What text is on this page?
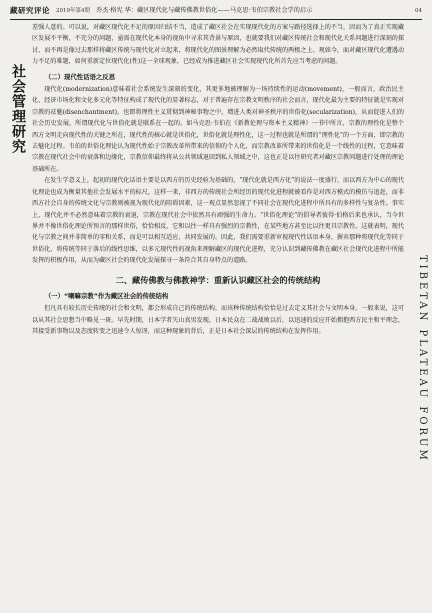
藏研究评论 2019年第4期 乔杰·格宪 华：藏区现代化与藏传佛教世俗化——马克思·韦伯宗教社会学的启示	04
社会管理研究
TIBETAN PLATEAU FORUM

差强人意的。可以说，对藏区现代化不足的原因归结不当，造成了藏区社会在实现现代化的方案与路径选择上的不当，因而为了真正实现藏区发展不平衡，不充分的问题，亟需在现代化本身的视角中寻求其背景与原因，也就要我们对藏区传统社会和现代化关系问题进行深刻的探讨，而不再是像过去那样将藏区传统与现代化对立起来，将现代化的图景理解为必然取代传统的两极之上。观如今，面对藏区现代化遭遇动力不足的难题，如何重新定位现代化(性)这一全球观象，已经成为推进藏区社会实现现代化所首先应当考虑的问题。

（二）现代性话语之反思

现代化(modernization)意味着社会系统发生深刻的变化，其更多地被理解为一场持续性的运动(movement)，一般而言，政治民主化、经济市场化和文化多元化等特征构成了现代化的显著标志，对于普遍存在宗教文明秩序的社会而言，现代化最为主要的特征就是实现对宗教的祛魅(disenchantment)，也即将理性主义贯彻到神秘事物之中，增进人类对神圣秩序的世俗化(secularization)，从而促进人们的社会历史发展，所谓现代化与世俗化就是联系在一起的。如马克思·韦伯在《新教伦理与资本主义精神》一书中所言，宗教的理性化是整个西方文明走向现代性的关键之所在，现代性的核心就是世俗化，世俗化就是理性化，这一过程也就是所谓的“理性化”的一个方面，即宗教的去魅化过程。韦伯的世俗化理论认为现代性始于宗教改革所带来的信仰的个人化，而宗教改革所带来的世俗化是一个线性的过程，它意味着宗教在现代社会中的衰落和边缘化，宗教信仰最终将从公共领域退回到私人领域之中，这也正是以往研究者对藏区宗教问题进行处理的理论基础所在。

在发生学意义上，起初的现代化话语主要是以西方的历史经验为基础的，“现代化就是西方化”的说法一度盛行，而以西方为中心的现代化理论也成为衡量其他社会发展水平的标尺，这样一来，非西方的传统社会所经历的现代化进程就被看作是对西方模式的模仿与追赶，而非西方社会自身的传统文化与宗教则被视为现代化的阻碍因素，这一观点显然忽视了不同社会在现代化进程中所具有的多样性与复杂性。事实上，现代化并不必然意味着宗教的衰退，宗教在现代社会中依然具有顽强的生命力。“世俗化理论”的倡导者彼得·伯格后来也承认，当今世界并不像世俗化理论所预言的那样世俗，恰恰相反，它和以往一样具有强烈的宗教性，在某些地方甚至比以往更具宗教性。这就表明，现代化与宗教之间并非简单的零和关系，而是可以相互适应、共同发展的。因此，我们需要重新审视现代性话语本身，摒弃那种将现代化等同于世俗化、将传统等同于落后的线性思维，以多元现代性的视角来理解藏区的现代化进程，充分认识到藏传佛教在藏区社会现代化进程中所能发挥的积极作用，从而为藏区社会的现代化发展探寻一条符合其自身特点的道路。

二、藏传佛教与佛教神学：重新认识藏区社会的传统结构
（一）“喇嘛宗教”作为藏区社会的传统结构

但凡具有较长历史传统的社会和文明，都会形成自己的传统结构，而该种传统结构恰恰是过去定义其社会与文明本身。一般来说，这可以从其社会思想当中略见一斑。早先时期，日本学者矢山真男发现，日本民众在二战战败以后，以迅速的反应开始拥抱西方民主和平理念，其接受新事物以及态度转变之迅速令人惊讶，而这种现象的背后，正是日本社会深层的传统结构在发挥作用。
